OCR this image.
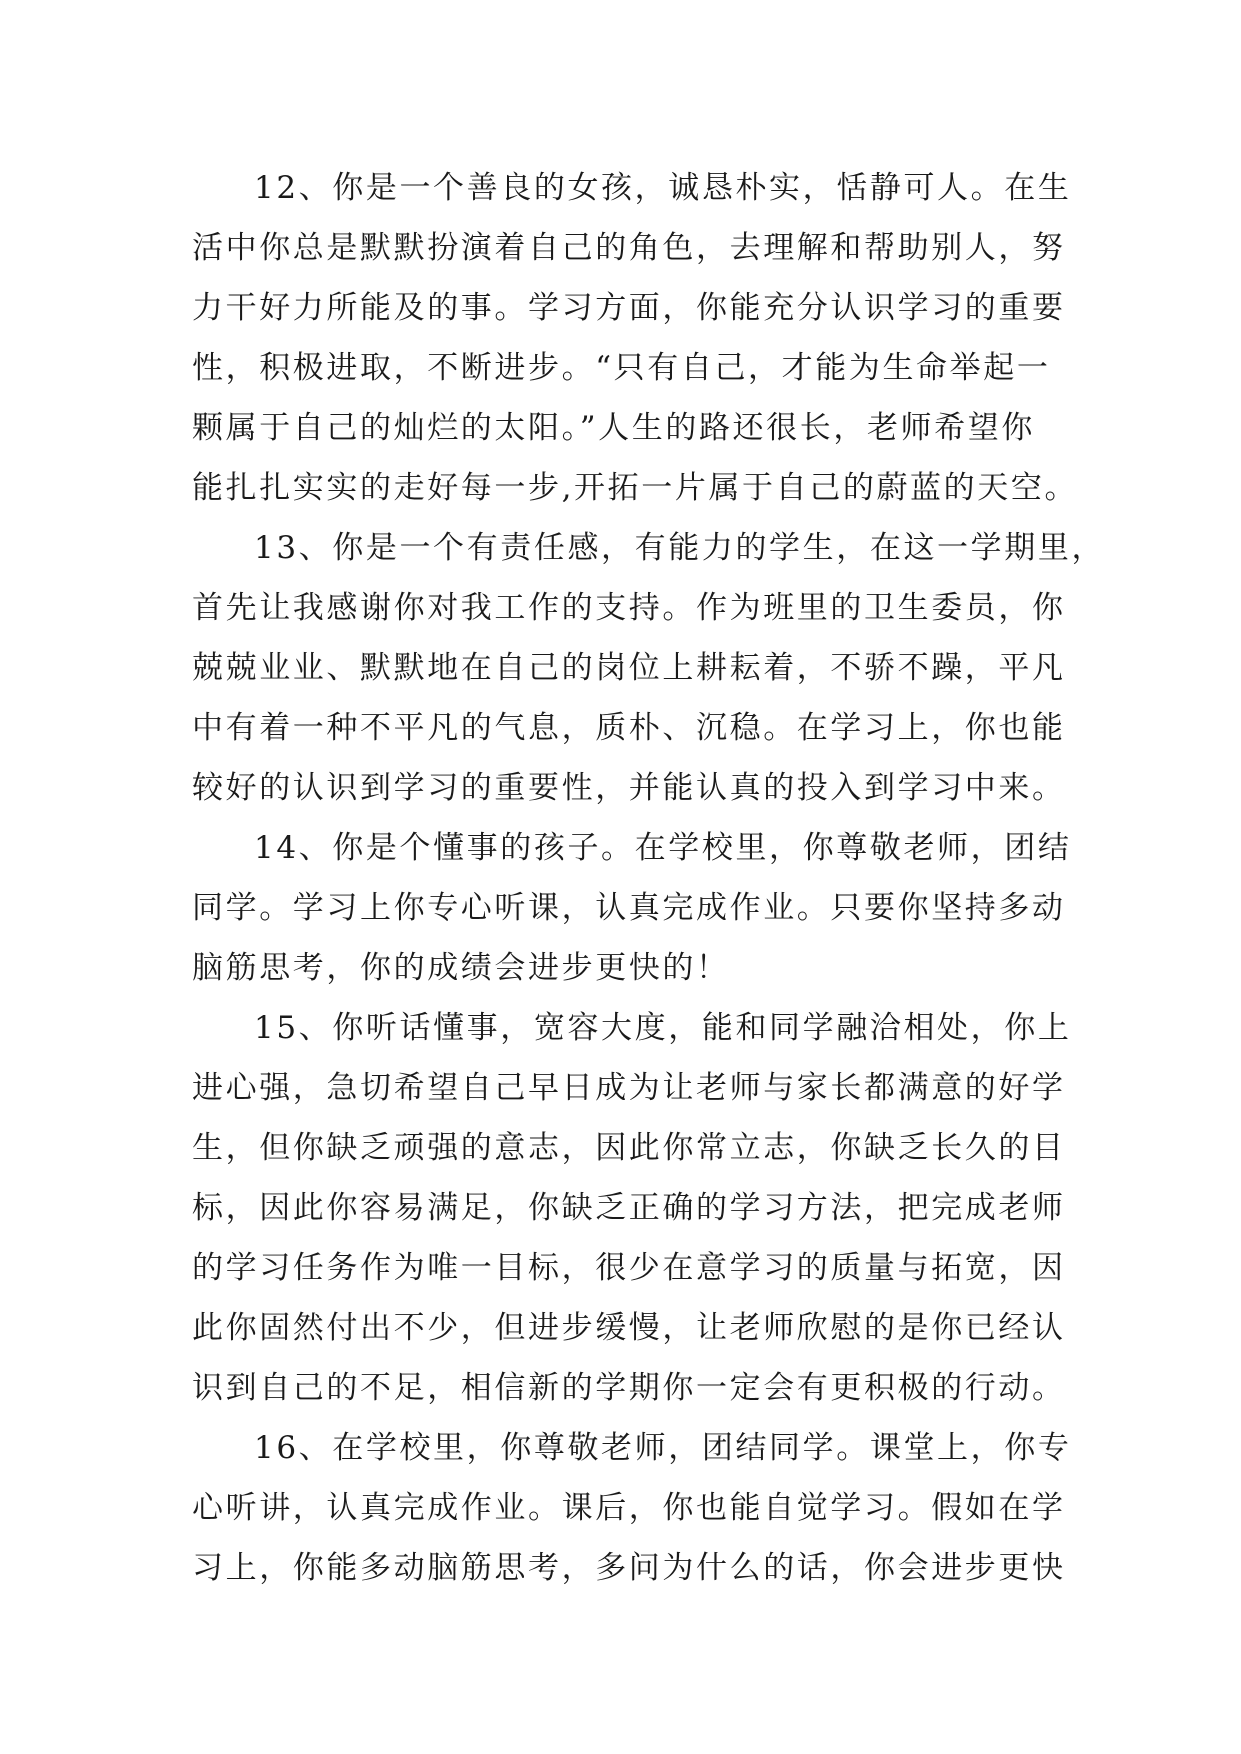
12、你是一个善良的女孩，诚恳朴实，恬静可人。在生
活中你总是默默扮演着自己的角色，去理解和帮助别人，努
力干好力所能及的事。学习方面，你能充分认识学习的重要
性，积极进取，不断进步。“只有自己，才能为生命举起一
颗属于自己的灿烂的太阳。”人生的路还很长，老师希望你
能扎扎实实的走好每一步,开拓一片属于自己的蔚蓝的天空。
13、你是一个有责任感，有能力的学生，在这一学期里，
首先让我感谢你对我工作的支持。作为班里的卫生委员，你
兢兢业业、默默地在自己的岗位上耕耘着，不骄不躁，平凡
中有着一种不平凡的气息，质朴、沉稳。在学习上，你也能
较好的认识到学习的重要性，并能认真的投入到学习中来。
14、你是个懂事的孩子。在学校里，你尊敬老师，团结
同学。学习上你专心听课，认真完成作业。只要你坚持多动
脑筋思考，你的成绩会进步更快的！
15、你听话懂事，宽容大度，能和同学融洽相处，你上
进心强，急切希望自己早日成为让老师与家长都满意的好学
生，但你缺乏顽强的意志，因此你常立志，你缺乏长久的目
标，因此你容易满足，你缺乏正确的学习方法，把完成老师
的学习任务作为唯一目标，很少在意学习的质量与拓宽，因
此你固然付出不少，但进步缓慢，让老师欣慰的是你已经认
识到自己的不足，相信新的学期你一定会有更积极的行动。
16、在学校里，你尊敬老师，团结同学。课堂上，你专
心听讲，认真完成作业。课后，你也能自觉学习。假如在学
习上，你能多动脑筋思考，多问为什么的话，你会进步更快
